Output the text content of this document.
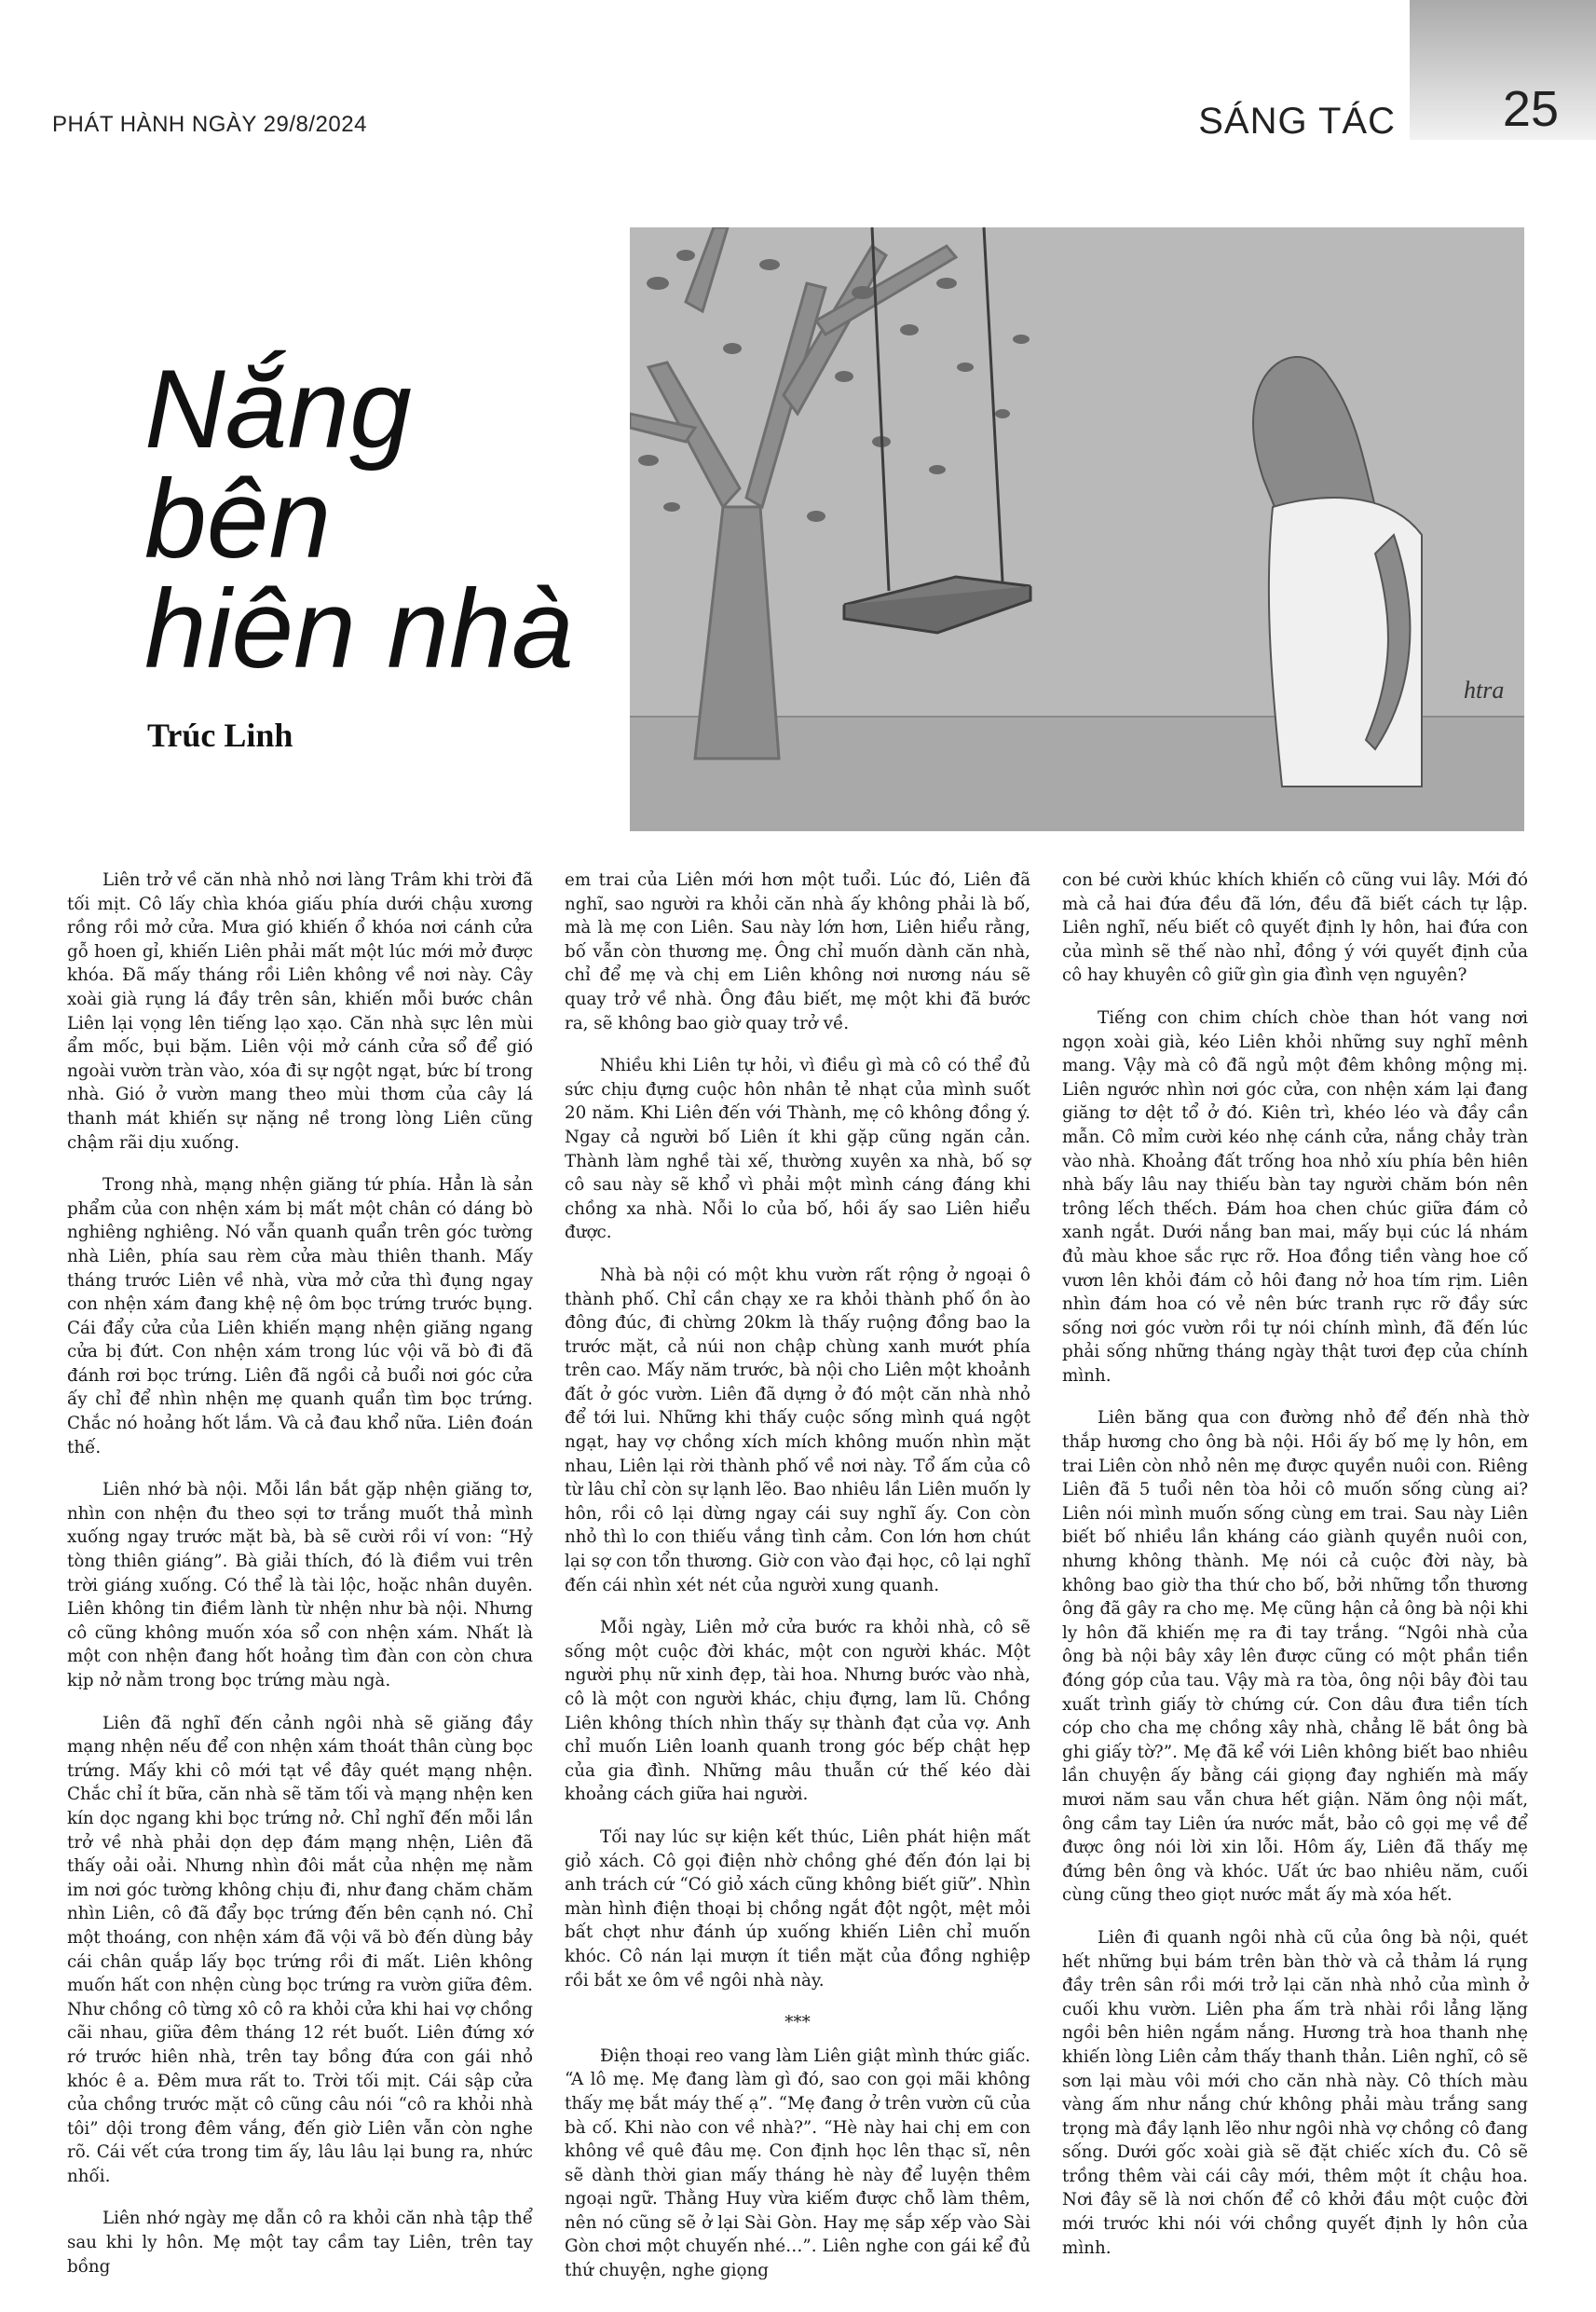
PHÁT HÀNH NGÀY 29/8/2024	SÁNG TÁC 25
Nắng
bên
hiên nhà
Trúc Linh
htra

Liên trở về căn nhà nhỏ nơi làng Trâm khi trời đã tối mịt. Cô lấy chìa khóa giấu phía dưới chậu xương rồng rồi mở cửa. Mưa gió khiến ổ khóa nơi cánh cửa gỗ hoen gỉ, khiến Liên phải mất một lúc mới mở được khóa. Đã mấy tháng rồi Liên không về nơi này. Cây xoài già rụng lá đầy trên sân, khiến mỗi bước chân Liên lại vọng lên tiếng lạo xạo. Căn nhà sực lên mùi ẩm mốc, bụi bặm. Liên vội mở cánh cửa sổ để gió ngoài vườn tràn vào, xóa đi sự ngột ngạt, bức bí trong nhà. Gió ở vườn mang theo mùi thơm của cây lá thanh mát khiến sự nặng nề trong lòng Liên cũng chậm rãi dịu xuống.

Trong nhà, mạng nhện giăng tứ phía. Hẳn là sản phẩm của con nhện xám bị mất một chân có dáng bò nghiêng nghiêng. Nó vẫn quanh quẩn trên góc tường nhà Liên, phía sau rèm cửa màu thiên thanh. Mấy tháng trước Liên về nhà, vừa mở cửa thì đụng ngay con nhện xám đang khệ nệ ôm bọc trứng trước bụng. Cái đẩy cửa của Liên khiến mạng nhện giăng ngang cửa bị đứt. Con nhện xám trong lúc vội vã bò đi đã đánh rơi bọc trứng. Liên đã ngồi cả buổi nơi góc cửa ấy chỉ để nhìn nhện mẹ quanh quẩn tìm bọc trứng. Chắc nó hoảng hốt lắm. Và cả đau khổ nữa. Liên đoán thế.

Liên nhớ bà nội. Mỗi lần bắt gặp nhện giăng tơ, nhìn con nhện đu theo sợi tơ trắng muốt thả mình xuống ngay trước mặt bà, bà sẽ cười rồi ví von: “Hỷ tòng thiên giáng”. Bà giải thích, đó là điềm vui trên trời giáng xuống. Có thể là tài lộc, hoặc nhân duyên. Liên không tin điềm lành từ nhện như bà nội. Nhưng cô cũng không muốn xóa sổ con nhện xám. Nhất là một con nhện đang hốt hoảng tìm đàn con còn chưa kịp nở nằm trong bọc trứng màu ngà.

Liên đã nghĩ đến cảnh ngôi nhà sẽ giăng đầy mạng nhện nếu để con nhện xám thoát thân cùng bọc trứng. Mấy khi cô mới tạt về đây quét mạng nhện. Chắc chỉ ít bữa, căn nhà sẽ tăm tối và mạng nhện ken kín dọc ngang khi bọc trứng nở. Chỉ nghĩ đến mỗi lần trở về nhà phải dọn dẹp đám mạng nhện, Liên đã thấy oải oải. Nhưng nhìn đôi mắt của nhện mẹ nằm im nơi góc tường không chịu đi, như đang chăm chăm nhìn Liên, cô đã đẩy bọc trứng đến bên cạnh nó. Chỉ một thoáng, con nhện xám đã vội vã bò đến dùng bảy cái chân quắp lấy bọc trứng rồi đi mất. Liên không muốn hất con nhện cùng bọc trứng ra vườn giữa đêm. Như chồng cô từng xô cô ra khỏi cửa khi hai vợ chồng cãi nhau, giữa đêm tháng 12 rét buốt. Liên đứng xớ rớ trước hiên nhà, trên tay bồng đứa con gái nhỏ khóc ê a. Đêm mưa rất to. Trời tối mịt. Cái sập cửa của chồng trước mặt cô cũng câu nói “cô ra khỏi nhà tôi” dội trong đêm vắng, đến giờ Liên vẫn còn nghe rõ. Cái vết cứa trong tim ấy, lâu lâu lại bung ra, nhức nhối.

Liên nhớ ngày mẹ dẫn cô ra khỏi căn nhà tập thể sau khi ly hôn. Mẹ một tay cầm tay Liên, trên tay bồng

em trai của Liên mới hơn một tuổi. Lúc đó, Liên đã nghĩ, sao người ra khỏi căn nhà ấy không phải là bố, mà là mẹ con Liên. Sau này lớn hơn, Liên hiểu rằng, bố vẫn còn thương mẹ. Ông chỉ muốn dành căn nhà, chỉ để mẹ và chị em Liên không nơi nương náu sẽ quay trở về nhà. Ông đâu biết, mẹ một khi đã bước ra, sẽ không bao giờ quay trở về.

Nhiều khi Liên tự hỏi, vì điều gì mà cô có thể đủ sức chịu đựng cuộc hôn nhân tẻ nhạt của mình suốt 20 năm. Khi Liên đến với Thành, mẹ cô không đồng ý. Ngay cả người bố Liên ít khi gặp cũng ngăn cản. Thành làm nghề tài xế, thường xuyên xa nhà, bố sợ cô sau này sẽ khổ vì phải một mình cáng đáng khi chồng xa nhà. Nỗi lo của bố, hồi ấy sao Liên hiểu được.

Nhà bà nội có một khu vườn rất rộng ở ngoại ô thành phố. Chỉ cần chạy xe ra khỏi thành phố ồn ào đông đúc, đi chừng 20km là thấy ruộng đồng bao la trước mặt, cả núi non chập chùng xanh mướt phía trên cao. Mấy năm trước, bà nội cho Liên một khoảnh đất ở góc vườn. Liên đã dựng ở đó một căn nhà nhỏ để tới lui. Những khi thấy cuộc sống mình quá ngột ngạt, hay vợ chồng xích mích không muốn nhìn mặt nhau, Liên lại rời thành phố về nơi này. Tổ ấm của cô từ lâu chỉ còn sự lạnh lẽo. Bao nhiêu lần Liên muốn ly hôn, rồi cô lại dừng ngay cái suy nghĩ ấy. Con còn nhỏ thì lo con thiếu vắng tình cảm. Con lớn hơn chút lại sợ con tổn thương. Giờ con vào đại học, cô lại nghĩ đến cái nhìn xét nét của người xung quanh.

Mỗi ngày, Liên mở cửa bước ra khỏi nhà, cô sẽ sống một cuộc đời khác, một con người khác. Một người phụ nữ xinh đẹp, tài hoa. Nhưng bước vào nhà, cô là một con người khác, chịu đựng, lam lũ. Chồng Liên không thích nhìn thấy sự thành đạt của vợ. Anh chỉ muốn Liên loanh quanh trong góc bếp chật hẹp của gia đình. Những mâu thuẫn cứ thế kéo dài khoảng cách giữa hai người.

Tối nay lúc sự kiện kết thúc, Liên phát hiện mất giỏ xách. Cô gọi điện nhờ chồng ghé đến đón lại bị anh trách cứ “Có giỏ xách cũng không biết giữ”. Nhìn màn hình điện thoại bị chồng ngắt đột ngột, mệt mỏi bất chợt như đánh úp xuống khiến Liên chỉ muốn khóc. Cô nán lại mượn ít tiền mặt của đồng nghiệp rồi bắt xe ôm về ngôi nhà này.

***

Điện thoại reo vang làm Liên giật mình thức giấc. “A lô mẹ. Mẹ đang làm gì đó, sao con gọi mãi không thấy mẹ bắt máy thế ạ”. “Mẹ đang ở trên vườn cũ của bà cố. Khi nào con về nhà?”. “Hè này hai chị em con không về quê đâu mẹ. Con định học lên thạc sĩ, nên sẽ dành thời gian mấy tháng hè này để luyện thêm ngoại ngữ. Thằng Huy vừa kiếm được chỗ làm thêm, nên nó cũng sẽ ở lại Sài Gòn. Hay mẹ sắp xếp vào Sài Gòn chơi một chuyến nhé…”. Liên nghe con gái kể đủ thứ chuyện, nghe giọng

con bé cười khúc khích khiến cô cũng vui lây. Mới đó mà cả hai đứa đều đã lớn, đều đã biết cách tự lập. Liên nghĩ, nếu biết cô quyết định ly hôn, hai đứa con của mình sẽ thế nào nhỉ, đồng ý với quyết định của cô hay khuyên cô giữ gìn gia đình vẹn nguyên?

Tiếng con chim chích chòe than hót vang nơi ngọn xoài già, kéo Liên khỏi những suy nghĩ mênh mang. Vậy mà cô đã ngủ một đêm không mộng mị. Liên ngước nhìn nơi góc cửa, con nhện xám lại đang giăng tơ dệt tổ ở đó. Kiên trì, khéo léo và đầy cần mẫn. Cô mỉm cười kéo nhẹ cánh cửa, nắng chảy tràn vào nhà. Khoảng đất trống hoa nhỏ xíu phía bên hiên nhà bấy lâu nay thiếu bàn tay người chăm bón nên trông lếch thếch. Đám hoa chen chúc giữa đám cỏ xanh ngắt. Dưới nắng ban mai, mấy bụi cúc lá nhám đủ màu khoe sắc rực rỡ. Hoa đồng tiền vàng hoe cố vươn lên khỏi đám cỏ hôi đang nở hoa tím rịm. Liên nhìn đám hoa có vẻ nên bức tranh rực rỡ đầy sức sống nơi góc vườn rồi tự nói chính mình, đã đến lúc phải sống những tháng ngày thật tươi đẹp của chính mình.

Liên băng qua con đường nhỏ để đến nhà thờ thắp hương cho ông bà nội. Hồi ấy bố mẹ ly hôn, em trai Liên còn nhỏ nên mẹ được quyền nuôi con. Riêng Liên đã 5 tuổi nên tòa hỏi cô muốn sống cùng ai? Liên nói mình muốn sống cùng em trai. Sau này Liên biết bố nhiều lần kháng cáo giành quyền nuôi con, nhưng không thành. Mẹ nói cả cuộc đời này, bà không bao giờ tha thứ cho bố, bởi những tổn thương ông đã gây ra cho mẹ. Mẹ cũng hận cả ông bà nội khi ly hôn đã khiến mẹ ra đi tay trắng. “Ngôi nhà của ông bà nội bây xây lên được cũng có một phần tiền đóng góp của tau. Vậy mà ra tòa, ông nội bây đòi tau xuất trình giấy tờ chứng cứ. Con dâu đưa tiền tích cóp cho cha mẹ chồng xây nhà, chẳng lẽ bắt ông bà ghi giấy tờ?”. Mẹ đã kể với Liên không biết bao nhiêu lần chuyện ấy bằng cái giọng đay nghiến mà mấy mươi năm sau vẫn chưa hết giận. Năm ông nội mất, ông cầm tay Liên ứa nước mắt, bảo cô gọi mẹ về để được ông nói lời xin lỗi. Hôm ấy, Liên đã thấy mẹ đứng bên ông và khóc. Uất ức bao nhiêu năm, cuối cùng cũng theo giọt nước mắt ấy mà xóa hết.

Liên đi quanh ngôi nhà cũ của ông bà nội, quét hết những bụi bám trên bàn thờ và cả thảm lá rụng đầy trên sân rồi mới trở lại căn nhà nhỏ của mình ở cuối khu vườn. Liên pha ấm trà nhài rồi lẳng lặng ngồi bên hiên ngắm nắng. Hương trà hoa thanh nhẹ khiến lòng Liên cảm thấy thanh thản. Liên nghĩ, cô sẽ sơn lại màu vôi mới cho căn nhà này. Cô thích màu vàng ấm như nắng chứ không phải màu trắng sang trọng mà đầy lạnh lẽo như ngôi nhà vợ chồng cô đang sống. Dưới gốc xoài già sẽ đặt chiếc xích đu. Cô sẽ trồng thêm vài cái cây mới, thêm một ít chậu hoa. Nơi đây sẽ là nơi chốn để cô khởi đầu một cuộc đời mới trước khi nói với chồng quyết định ly hôn của mình.
